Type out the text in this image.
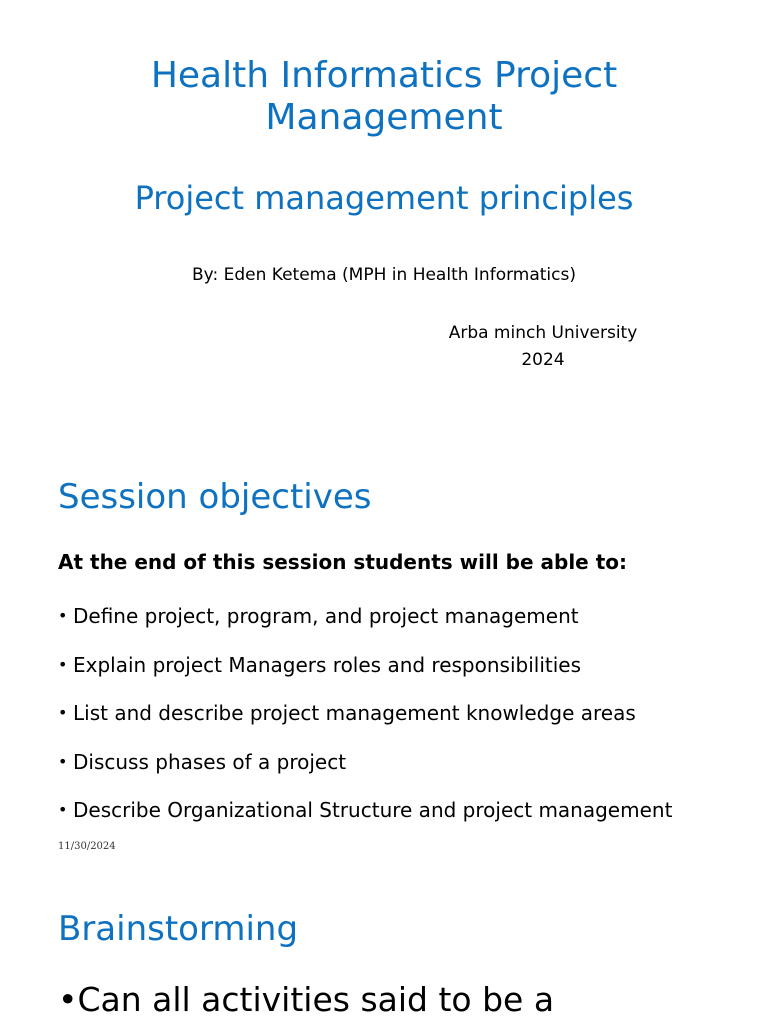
Health Informatics Project
Management
Project management principles
By: Eden Ketema (MPH in Health Informatics)
Arba minch University
2024
Session objectives
At the end of this session students will be able to:
• Define project, program, and project management
• Explain project Managers roles and responsibilities
• List and describe project management knowledge areas
• Discuss phases of a project
• Describe Organizational Structure and project management
11/30/2024
Brainstorming
•Can all activities said to be a
